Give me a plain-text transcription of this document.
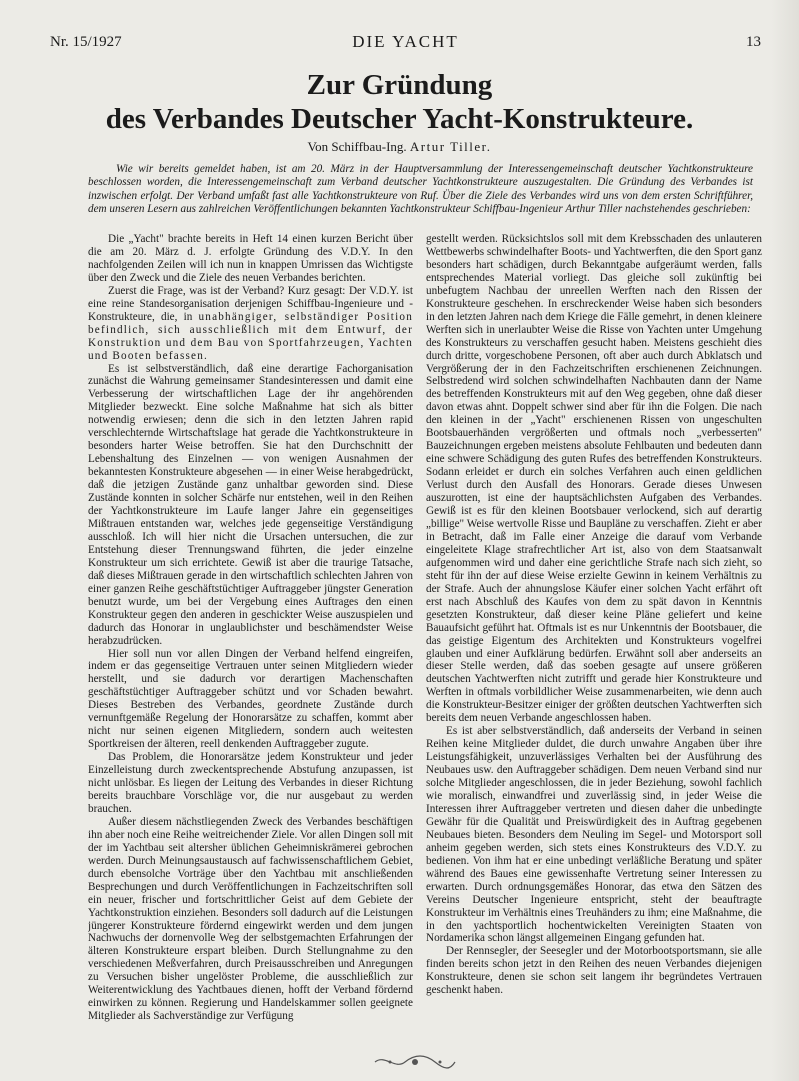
Nr. 15/1927	DIE YACHT	13
Zur Gründung
des Verbandes Deutscher Yacht-Konstrukteure.
Von Schiffbau-Ing. Artur Tiller.

Wie wir bereits gemeldet haben, ist am 20. März in der Hauptversammlung der Interessengemeinschaft deutscher Yachtkonstrukteure beschlossen worden, die Interessengemeinschaft zum Verband deutscher Yachtkonstrukteure auszugestalten. Die Gründung des Verbandes ist inzwischen erfolgt. Der Verband umfaßt fast alle Yachtkonstrukteure von Ruf. Über die Ziele des Verbandes wird uns von dem ersten Schriftführer, dem unseren Lesern aus zahlreichen Veröffentlichungen bekannten Yachtkonstrukteur Schiffbau-Ingenieur Arthur Tiller nachstehendes geschrieben:

Die „Yacht" brachte bereits in Heft 14 einen kurzen Bericht über die am 20. März d. J. erfolgte Gründung des V.D.Y. In den nachfolgenden Zeilen will ich nun in knappen Umrissen das Wichtigste über den Zweck und die Ziele des neuen Verbandes berichten.

Zuerst die Frage, was ist der Verband? Kurz gesagt: Der V.D.Y. ist eine reine Standesorganisation derjenigen Schiffbau-Ingenieure und -Konstrukteure, die, in unabhängiger, selbständiger Position befindlich, sich ausschließlich mit dem Entwurf, der Konstruktion und dem Bau von Sportfahrzeugen, Yachten und Booten befassen.

Es ist selbstverständlich, daß eine derartige Fachorganisation zunächst die Wahrung gemeinsamer Standesinteressen und damit eine Verbesserung der wirtschaftlichen Lage der ihr angehörenden Mitglieder bezweckt. Eine solche Maßnahme hat sich als bitter notwendig erwiesen; denn die sich in den letzten Jahren rapid verschlechternde Wirtschaftslage hat gerade die Yachtkonstrukteure in besonders harter Weise betroffen. Sie hat den Durchschnitt der Lebenshaltung des Einzelnen — von wenigen Ausnahmen der bekanntesten Konstrukteure abgesehen — in einer Weise herabgedrückt, daß die jetzigen Zustände ganz unhaltbar geworden sind. Diese Zustände konnten in solcher Schärfe nur entstehen, weil in den Reihen der Yachtkonstrukteure im Laufe langer Jahre ein gegenseitiges Mißtrauen entstanden war, welches jede gegenseitige Verständigung ausschloß. Ich will hier nicht die Ursachen untersuchen, die zur Entstehung dieser Trennungswand führten, die jeder einzelne Konstrukteur um sich errichtete. Gewiß ist aber die traurige Tatsache, daß dieses Mißtrauen gerade in den wirtschaftlich schlechten Jahren von einer ganzen Reihe geschäftstüchtiger Auftraggeber jüngster Generation benutzt wurde, um bei der Vergebung eines Auftrages den einen Konstrukteur gegen den anderen in geschickter Weise auszuspielen und dadurch das Honorar in unglaublichster und beschämendster Weise herabzudrücken.

Hier soll nun vor allen Dingen der Verband helfend eingreifen, indem er das gegenseitige Vertrauen unter seinen Mitgliedern wieder herstellt, und sie dadurch vor derartigen Machenschaften geschäftstüchtiger Auftraggeber schützt und vor Schaden bewahrt. Dieses Bestreben des Verbandes, geordnete Zustände durch vernunftgemäße Regelung der Honorarsätze zu schaffen, kommt aber nicht nur seinen eigenen Mitgliedern, sondern auch weitesten Sportkreisen der älteren, reell denkenden Auftraggeber zugute.

Das Problem, die Honorarsätze jedem Konstrukteur und jeder Einzelleistung durch zweckentsprechende Abstufung anzupassen, ist nicht unlösbar. Es liegen der Leitung des Verbandes in dieser Richtung bereits brauchbare Vorschläge vor, die nur ausgebaut zu werden brauchen.

Außer diesem nächstliegenden Zweck des Verbandes beschäftigen ihn aber noch eine Reihe weitreichender Ziele. Vor allen Dingen soll mit der im Yachtbau seit altersher üblichen Geheimniskrämerei gebrochen werden. Durch Meinungsaustausch auf fachwissenschaftlichem Gebiet, durch ebensolche Vorträge über den Yachtbau mit anschließenden Besprechungen und durch Veröffentlichungen in Fachzeitschriften soll ein neuer, frischer und fortschrittlicher Geist auf dem Gebiete der Yachtkonstruktion einziehen. Besonders soll dadurch auf die Leistungen jüngerer Konstrukteure fördernd eingewirkt werden und dem jungen Nachwuchs der dornenvolle Weg der selbstgemachten Erfahrungen der älteren Konstrukteure erspart bleiben. Durch Stellungnahme zu den verschiedenen Meßverfahren, durch Preisausschreiben und Anregungen zu Versuchen bisher ungelöster Probleme, die ausschließlich zur Weiterentwicklung des Yachtbaues dienen, hofft der Verband fördernd einwirken zu können. Regierung und Handelskammer sollen geeignete Mitglieder als Sachverständige zur Verfügung

gestellt werden. Rücksichtslos soll mit dem Krebsschaden des unlauteren Wettbewerbs schwindelhafter Boots- und Yachtwerften, die den Sport ganz besonders hart schädigen, durch Bekanntgabe aufgeräumt werden, falls entsprechendes Material vorliegt. Das gleiche soll zukünftig bei unbefugtem Nachbau der unreellen Werften nach den Rissen der Konstrukteure geschehen. In erschreckender Weise haben sich besonders in den letzten Jahren nach dem Kriege die Fälle gemehrt, in denen kleinere Werften sich in unerlaubter Weise die Risse von Yachten unter Umgehung des Konstrukteurs zu verschaffen gesucht haben. Meistens geschieht dies durch dritte, vorgeschobene Personen, oft aber auch durch Abklatsch und Vergrößerung der in den Fachzeitschriften erschienenen Zeichnungen. Selbstredend wird solchen schwindelhaften Nachbauten dann der Name des betreffenden Konstrukteurs mit auf den Weg gegeben, ohne daß dieser davon etwas ahnt. Doppelt schwer sind aber für ihn die Folgen. Die nach den kleinen in der „Yacht" erschienenen Rissen von ungeschulten Bootsbauerhänden vergrößerten und oftmals noch „verbesserten" Bauzeichnungen ergeben meistens absolute Fehlbauten und bedeuten dann eine schwere Schädigung des guten Rufes des betreffenden Konstrukteurs. Sodann erleidet er durch ein solches Verfahren auch einen geldlichen Verlust durch den Ausfall des Honorars. Gerade dieses Unwesen auszurotten, ist eine der hauptsächlichsten Aufgaben des Verbandes. Gewiß ist es für den kleinen Bootsbauer verlockend, sich auf derartig „billige" Weise wertvolle Risse und Baupläne zu verschaffen. Zieht er aber in Betracht, daß im Falle einer Anzeige die darauf vom Verbande eingeleitete Klage strafrechtlicher Art ist, also von dem Staatsanwalt aufgenommen wird und daher eine gerichtliche Strafe nach sich zieht, so steht für ihn der auf diese Weise erzielte Gewinn in keinem Verhältnis zu der Strafe. Auch der ahnungslose Käufer einer solchen Yacht erfährt oft erst nach Abschluß des Kaufes von dem zu spät davon in Kenntnis gesetzten Konstrukteur, daß dieser keine Pläne geliefert und keine Bauaufsicht geführt hat. Oftmals ist es nur Unkenntnis der Bootsbauer, die das geistige Eigentum des Architekten und Konstrukteurs vogelfrei glauben und einer Aufklärung bedürfen. Erwähnt soll aber anderseits an dieser Stelle werden, daß das soeben gesagte auf unsere größeren deutschen Yachtwerften nicht zutrifft und gerade hier Konstrukteure und Werften in oftmals vorbildlicher Weise zusammenarbeiten, wie denn auch die Konstrukteur-Besitzer einiger der größten deutschen Yachtwerften sich bereits dem neuen Verbande angeschlossen haben.

Es ist aber selbstverständlich, daß anderseits der Verband in seinen Reihen keine Mitglieder duldet, die durch unwahre Angaben über ihre Leistungsfähigkeit, unzuverlässiges Verhalten bei der Ausführung des Neubaues usw. den Auftraggeber schädigen. Dem neuen Verband sind nur solche Mitglieder angeschlossen, die in jeder Beziehung, sowohl fachlich wie moralisch, einwandfrei und zuverlässig sind, in jeder Weise die Interessen ihrer Auftraggeber vertreten und diesen daher die unbedingte Gewähr für die Qualität und Preiswürdigkeit des in Auftrag gegebenen Neubaues bieten. Besonders dem Neuling im Segel- und Motorsport soll anheim gegeben werden, sich stets eines Konstrukteurs des V.D.Y. zu bedienen. Von ihm hat er eine unbedingt verläßliche Beratung und später während des Baues eine gewissenhafte Vertretung seiner Interessen zu erwarten. Durch ordnungsgemäßes Honorar, das etwa den Sätzen des Vereins Deutscher Ingenieure entspricht, steht der beauftragte Konstrukteur im Verhältnis eines Treuhänders zu ihm; eine Maßnahme, die in den yachtsportlich hochentwickelten Vereinigten Staaten von Nordamerika schon längst allgemeinen Eingang gefunden hat.

Der Rennsegler, der Seesegler und der Motorbootsportsmann, sie alle finden bereits schon jetzt in den Reihen des neuen Verbandes diejenigen Konstrukteure, denen sie schon seit langem ihr begründetes Vertrauen geschenkt haben.
